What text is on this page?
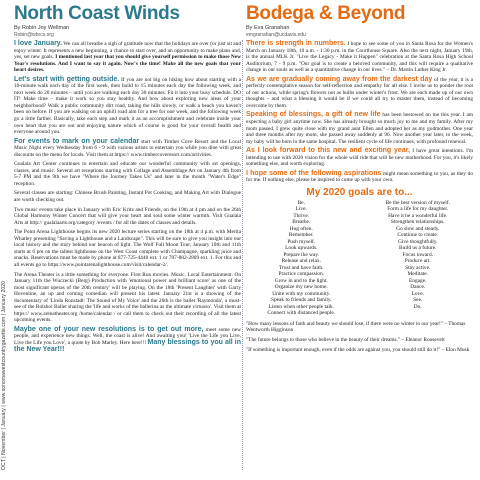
OCT | November | January | www.sonomawestcountrygazette.com | January 2020
North Coast Winds
By Robin Joy Wellman
Robin@wbrcs.org

I love January. We can all breathe a sigh of gratitude now that the holidays are over (or just sit and enjoy winter. It represents a new beginning, a chance to start over, and an opportunity to make plans and, yes, set new goals. I mentioned last year that you should give yourself permission to make those New Year's resolutions. And I want to say it again. Now's the time! Make all the new goals that your heart desires.

Let's start with getting outside. If you are not big on hiking how about starting with a 10-minute walk each day of the first week, then build to 15 minutes each day the following week, and next week do 20 minutes – until you are walking each day 30 minutes. Fit it into your busy schedule. DO IT! Make time – make it work so you stay healthy. And how about exploring new areas of your neighborhood? Walk a public community dirt road, taking the hills slowly, or walk a beach you haven't been on before. If you are walking on an uphill road aim for a tree for one week, and the following week go a little farther. Basically, take each step and mark it as an accomplishment and celebrate inside your own heart that you are out and enjoying nature which of course is good for your overall health and everyone around you.

For events to mark on your calendar start with Timber Cove Resort and the Local Music Night every Wednesday from 6 - 9 with various artists to entertain you while you dine with great discounts on the menu for locals. Visit them at https:// www.timbercoveresort.com/activities.

Gualala Art Center continues to entertain and educate our wonderful community with art openings, classes, and music. Several art receptions starting with Collage and Assemblage Art on January 4th from 5-7 PM and the 9th we have "Where the Journey Takes Us" and later in the month "Water's Edge" reception.

Several classes are starting: Chinese Brush Painting, Instant Pot Cooking, and Making Art with Dialogue are worth checking out.

Two music events take place in January with Eric Kritz and Friends, on the 19th at 4 pm and on the 26th Global Harmony Winter Concert that will give your heart and soul some winter warmth. Visit Gualala Arts at http:// gualalaarts.org/category /events / for all the dates of classes and details.

The Point Arena Lighthouse begins its new 2020 lecture series starting on the 18th at 4 p.m. with Merita Whatley presenting "Saving a Lighthouse and a Landscape". This will be sure to give you insight into our local history and the story behind our beacon of light. The Wolf Full Moon Tour, January 10th and 11th starts at 6 pm on the tallest lighthouse on the West Coast complete with Champagne, sparkling juice and snacks. Reservations must be made by phone at 877-725-4448 ext. 1 or 707-882-2809 ext. 1. For this and all events go to https://www.pointarenalighthouse.com/visit/calendar-2/.

The Arena Theater is a little something for everyone. First Run movies. Music. Local Entertainment. On January 11th the Wuczecki (Berg) Production with 'emotional power and brilliant score' as one of the most significant operas of the 20th century' will be playing. On the 18th 'Present Laughter' with Garry Hovenline, an up and coming comedian will present his latest. January 21st is a showing of the documentary of 'Linda Ronstadt: The Sound of My Voice' and the 26th is the ballet 'Raymonda', a must-see of the Bolshoi Ballet sharing the 'life and works of the ballerina as the ultimate virtuoso'. Visit them at https:// www.arenatheater.org /home/calendar / or call them to check out their recording of all the latest upcoming events.

Maybe one of your new resolutions is to get out more, meet some new people, and experience new things. Well, the coast is alive! And awaiting you! 'Live the Life you Live, Live the Life you Love', a quote by Bob Marley. Here here!!! Many blessings to you all in the New Year!!!

Bodega & Beyond
By Eva Granahan
emgranahan@ucdavis.edu

There is strength in numbers. I hope to see some of you in Santa Rosa for the Women's March on January 18th, 10 a.m. - 1:30 p.m. in the Courthouse Square. Also the next night, January 19th, is the annual MLK Jr. "Live the Legacy - Make it Happen" celebration at the Santa Rosa High School Auditorium, 7 - 9 p.m. "Our goal is to create a beloved community, and this will require a qualitative change in our souls as well as a quantitative change in our lives." – Dr. Martin Luther King Jr.

As we are gradually coming away from the darkest day of the year, it is a perfectly contemplative season for self-reflection and empathy for all else. I invite us to ponder the root of our actions, while spring's flowers not as bulbs under winter's frost. We are each made up of our own thoughts – and what a blessing it would be if we could all try to master them, instead of becoming overcome by them.

Speaking of blessings, a gift of new life has been bestowed on me this year. I am expecting a baby girl anytime now. She has already brought so much joy to me and my family. After my mom passed, I grew quite close with my grand aunt Ellen and adopted her as my godmother. One year and three months after my mom, she passed away suddenly at 96. Now another year later, to the week, my baby will be born in the same hospital. The resilient cycle of life continues, with profound renewal.

As I look forward to this new and exciting year, I have great intentions. I'm intending to use with 2020 vision for the whole wild ride that will be new motherhood. For you, it's likely something else, and worth exploring.

I hope some of the following aspirations might mean something to you, as they do for me. If nothing else, please be inspired to come up with your own.

My 2020 goals are to...
Be.
Live.
Thrive.
Breathe.
Hug often.
Remember.
Push myself.
Look upwards.
Prepare the way.
Release and relax.
Trust and have faith.
Practice compassion.
Grow in and to the light.
Organize my new home.
Unite with my community.
Speak to friends and family.
Listen when other people talk.
Connect with distanced people.
Be the best version of myself.
Form a life for my daughter.
Have it be a wonderful life.
Strengthen relationships.
Go slow and steady.
Continue to create.
Give thoughtfully.
Build us a future.
Focus inward.
Produce art.
Stay active.
Meditate.
Engage.
Dance.
Love.
See.
Do.

"How many lessons of faith and beauty we should lose, if there were no winter in our year!" – Thomas Wentworth Higginson

"The future belongs to those who believe in the beauty of their dreams." – Eleanor Roosevelt

"If something is important enough, even if the odds are against you, you should still do it!" – Elon Musk
